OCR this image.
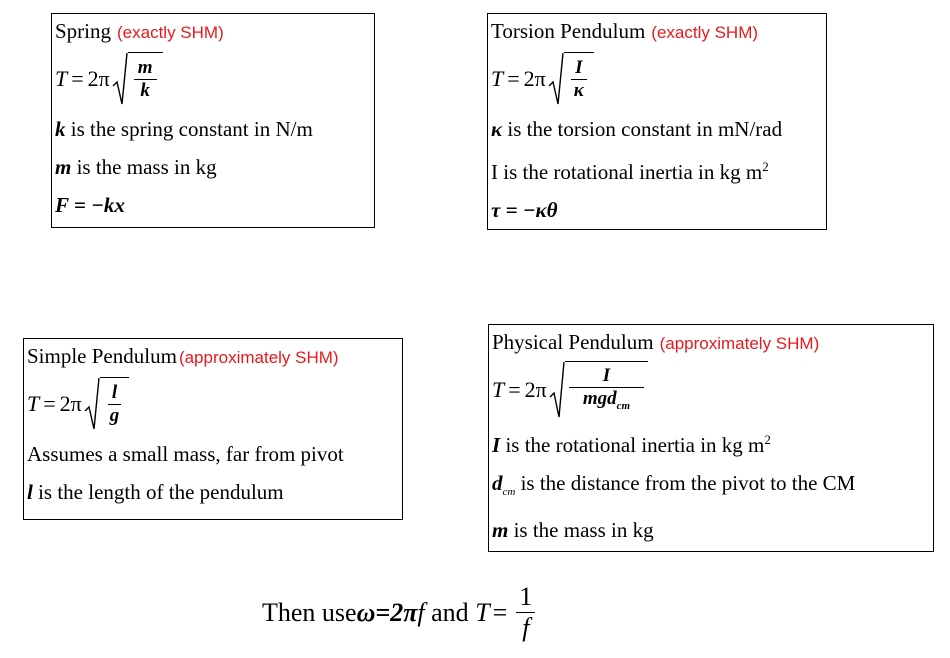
Spring (exactly SHM)
$T = 2\pi \frac{m}{k}$
k is the spring constant in N/m
m is the mass in kg
F = −kx
Torsion Pendulum (exactly SHM)
$T = 2\pi \frac{I}{\kappa}$
κ is the torsion constant in mN/rad
I is the rotational inertia in kg $m^2$
τ = −κθ
Simple Pendulum (approximately SHM)
$T = 2\pi \frac{l}{g}$
Assumes a small mass, far from pivot
l is the length of the pendulum
Physical Pendulum (approximately SHM)
$T = 2\pi \frac{I}{mgd_{cm}}$
I is the rotational inertia in kg $m^2$
$d_{cm}$ is the distance from the pivot to the CM
m is the mass in kg
Then use ω=2π f and $T = \frac{1}{f}$
